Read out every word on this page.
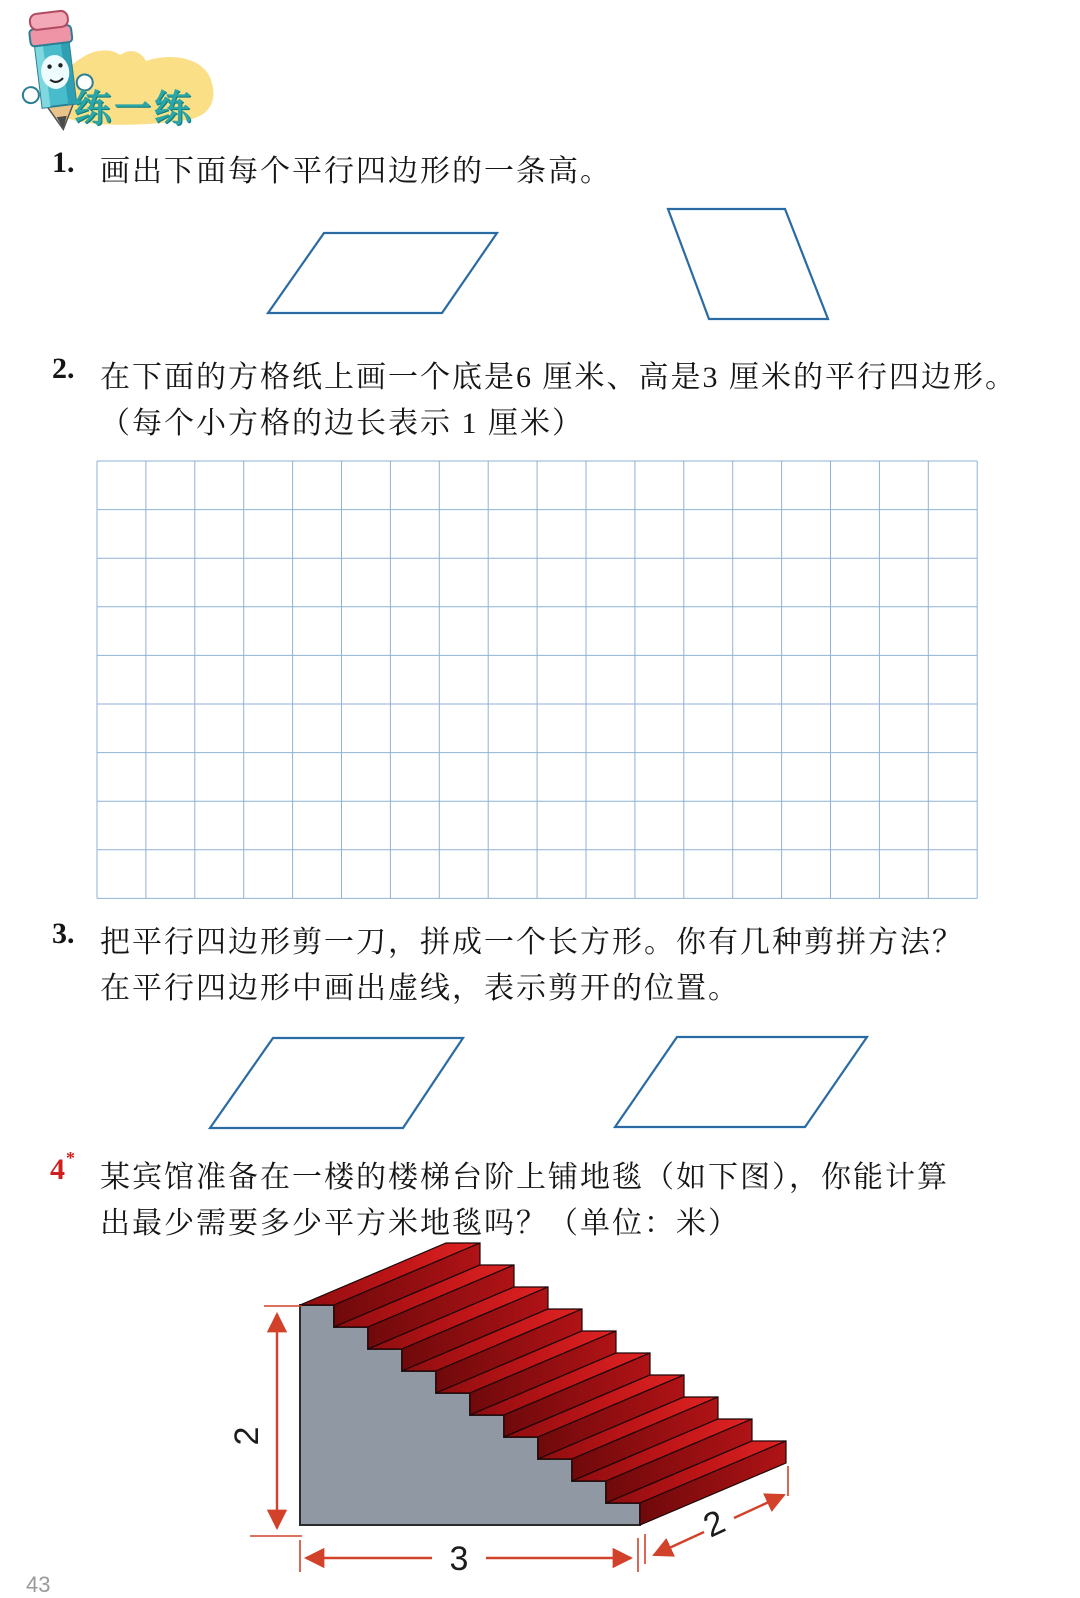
2
3
2
练一练
1. 画出下面每个平行四边形的一条高。
2. 在下面的方格纸上画一个底是6 厘米、高是3 厘米的平行四边形。
（每个小方格的边长表示 1 厘米）
3. 把平行四边形剪一刀，拼成一个长方形。你有几种剪拼方法？
在平行四边形中画出虚线，表示剪开的位置。
4*
某宾馆准备在一楼的楼梯台阶上铺地毯（如下图），你能计算
出最少需要多少平方米地毯吗？（单位：米）
43
